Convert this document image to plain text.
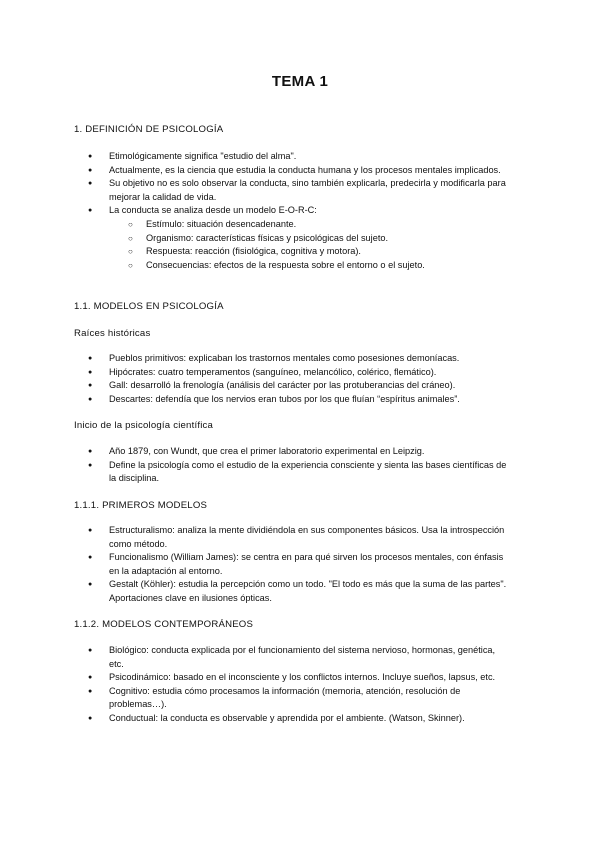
TEMA 1
1. DEFINICIÓN DE PSICOLOGÍA
● Etimológicamente significa "estudio del alma".
● Actualmente, es la ciencia que estudia la conducta humana y los procesos mentales implicados.
● Su objetivo no es solo observar la conducta, sino también explicarla, predecirla y modificarla para mejorar la calidad de vida.
● La conducta se analiza desde un modelo E-O-R-C:
○ Estímulo: situación desencadenante.
○ Organismo: características físicas y psicológicas del sujeto.
○ Respuesta: reacción (fisiológica, cognitiva y motora).
○ Consecuencias: efectos de la respuesta sobre el entorno o el sujeto.
1.1. MODELOS EN PSICOLOGÍA
Raíces históricas
● Pueblos primitivos: explicaban los trastornos mentales como posesiones demoníacas.
● Hipócrates: cuatro temperamentos (sanguíneo, melancólico, colérico, flemático).
● Gall: desarrolló la frenología (análisis del carácter por las protuberancias del cráneo).
● Descartes: defendía que los nervios eran tubos por los que fluían “espíritus animales”.
Inicio de la psicología científica
● Año 1879, con Wundt, que crea el primer laboratorio experimental en Leipzig.
● Define la psicología como el estudio de la experiencia consciente y sienta las bases científicas de la disciplina.
1.1.1. PRIMEROS MODELOS
● Estructuralismo: analiza la mente dividiéndola en sus componentes básicos. Usa la introspección como método.
● Funcionalismo (William James): se centra en para qué sirven los procesos mentales, con énfasis en la adaptación al entorno.
● Gestalt (Köhler): estudia la percepción como un todo. "El todo es más que la suma de las partes". Aportaciones clave en ilusiones ópticas.
1.1.2. MODELOS CONTEMPORÁNEOS
● Biológico: conducta explicada por el funcionamiento del sistema nervioso, hormonas, genética, etc.
● Psicodinámico: basado en el inconsciente y los conflictos internos. Incluye sueños, lapsus, etc.
● Cognitivo: estudia cómo procesamos la información (memoria, atención, resolución de problemas…).
● Conductual: la conducta es observable y aprendida por el ambiente. (Watson, Skinner).
